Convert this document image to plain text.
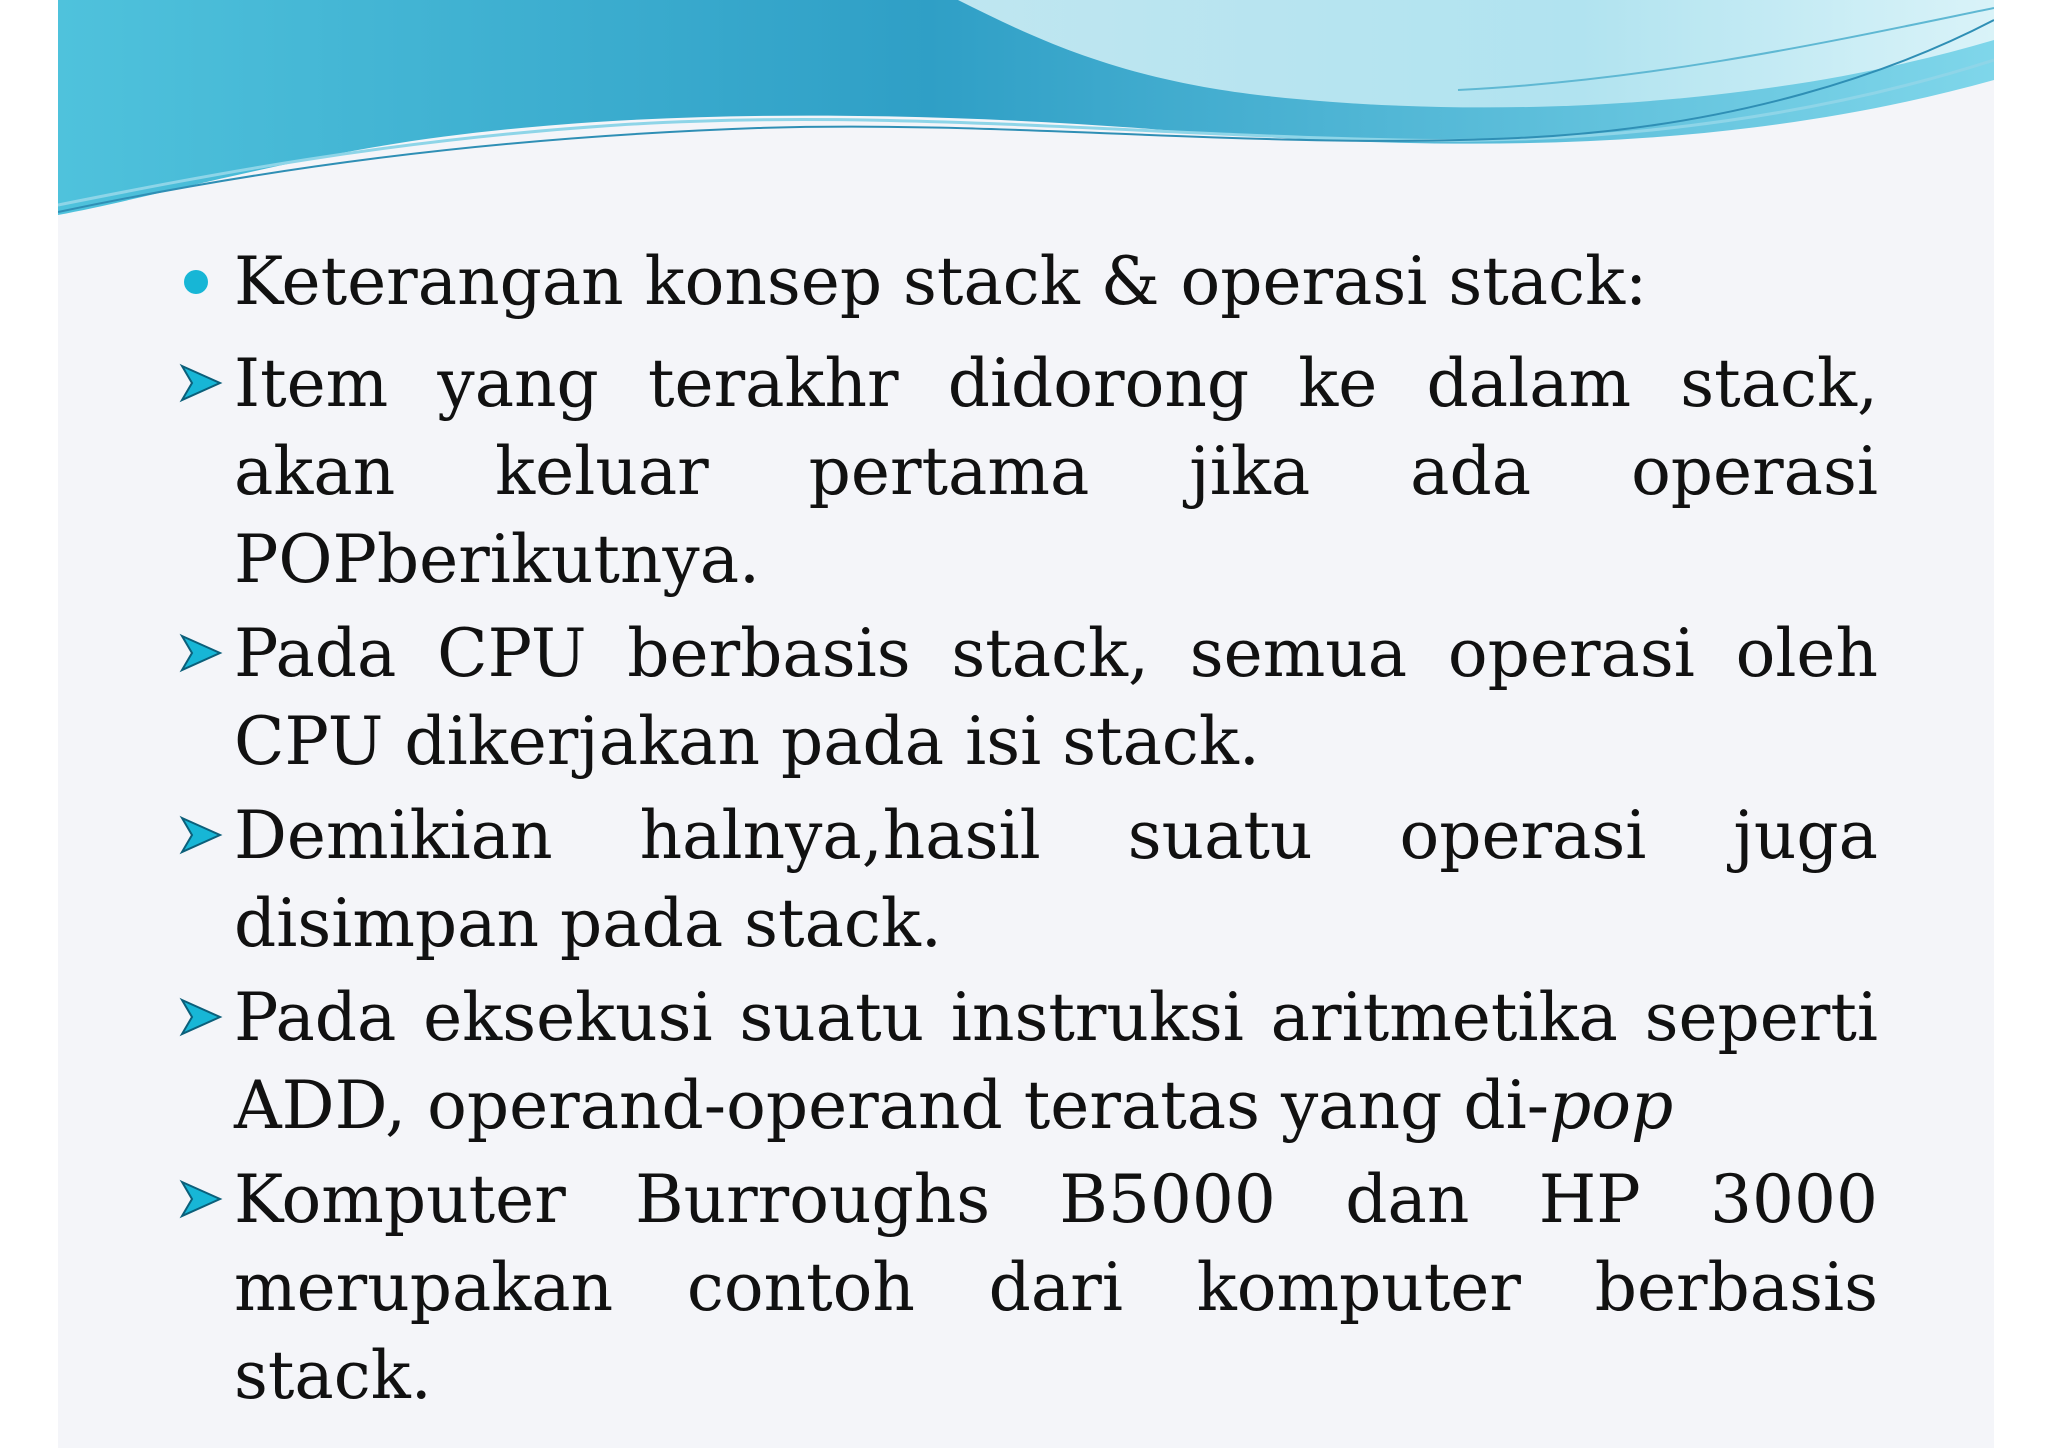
Keterangan konsep stack & operasi stack:
Item yang terakhr didorong ke dalam stack, akan keluar pertama jika ada operasi POPberikutnya.
Pada CPU berbasis stack, semua operasi oleh CPU dikerjakan pada isi stack.
Demikian halnya,hasil suatu operasi juga disimpan pada stack.
Pada eksekusi suatu instruksi aritmetika seperti ADD, operand-operand teratas yang di-pop
Komputer Burroughs B5000 dan HP 3000 merupakan contoh dari komputer berbasis stack.
